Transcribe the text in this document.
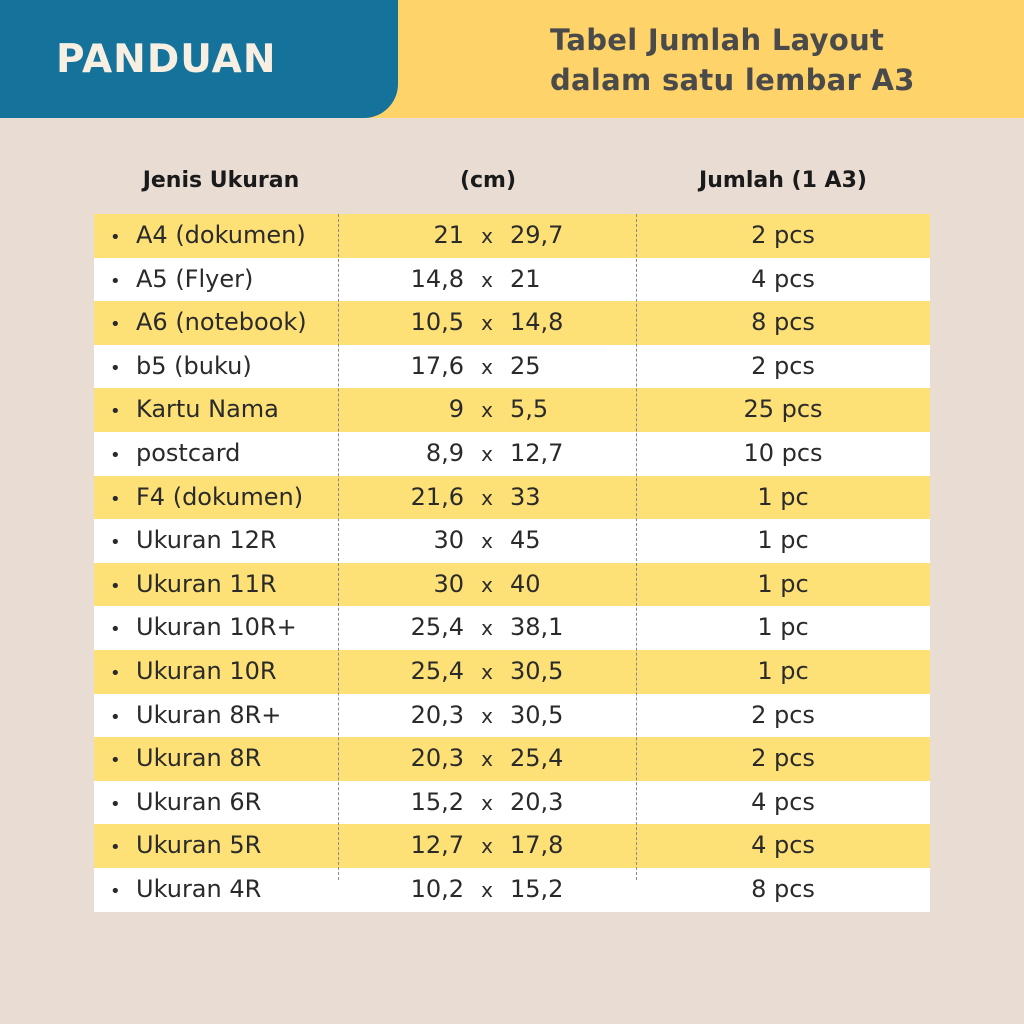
PANDUAN	Tabel Jumlah Layout
dalam satu lembar A3
Jenis Ukuran	(cm)	Jumlah (1 A3)
• A4 (dokumen)	21 x 29,7	2 pcs
• A5 (Flyer)	14,8 x 21	4 pcs
• A6 (notebook)	10,5 x 14,8	8 pcs
• b5 (buku)	17,6 x 25	2 pcs
• Kartu Nama	9 x 5,5	25 pcs
• postcard	8,9 x 12,7	10 pcs
• F4 (dokumen)	21,6 x 33	1 pc
• Ukuran 12R	30 x 45	1 pc
• Ukuran 11R	30 x 40	1 pc
• Ukuran 10R+	25,4 x 38,1	1 pc
• Ukuran 10R	25,4 x 30,5	1 pc
• Ukuran 8R+	20,3 x 30,5	2 pcs
• Ukuran 8R	20,3 x 25,4	2 pcs
• Ukuran 6R	15,2 x 20,3	4 pcs
• Ukuran 5R	12,7 x 17,8	4 pcs
• Ukuran 4R	10,2 x 15,2	8 pcs
